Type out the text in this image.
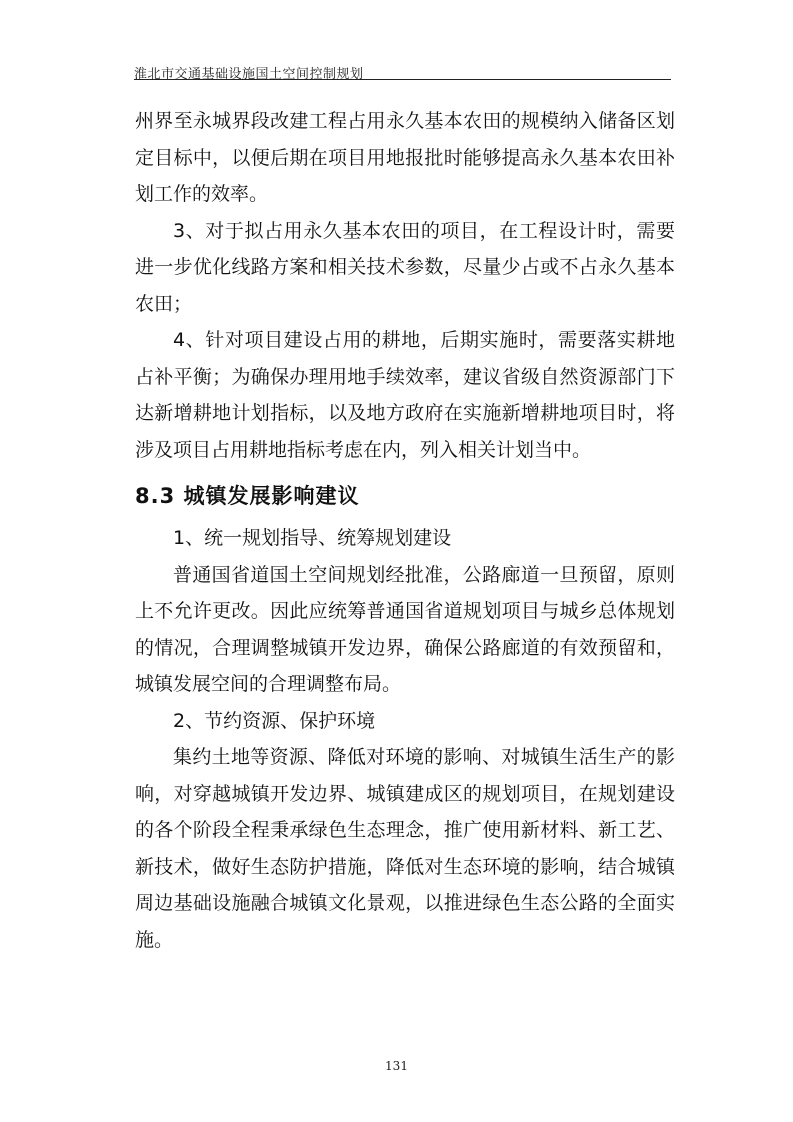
淮北市交通基础设施国土空间控制规划

州界至永城界段改建工程占用永久基本农田的规模纳入储备区划定目标中，以便后期在项目用地报批时能够提高永久基本农田补划工作的效率。

3、对于拟占用永久基本农田的项目，在工程设计时，需要进一步优化线路方案和相关技术参数，尽量少占或不占永久基本农田；

4、针对项目建设占用的耕地，后期实施时，需要落实耕地占补平衡；为确保办理用地手续效率，建议省级自然资源部门下达新增耕地计划指标，以及地方政府在实施新增耕地项目时，将涉及项目占用耕地指标考虑在内，列入相关计划当中。

8.3 城镇发展影响建议

1、统一规划指导、统筹规划建设

普通国省道国土空间规划经批准，公路廊道一旦预留，原则上不允许更改。因此应统筹普通国省道规划项目与城乡总体规划的情况，合理调整城镇开发边界，确保公路廊道的有效预留和，城镇发展空间的合理调整布局。

2、节约资源、保护环境

集约土地等资源、降低对环境的影响、对城镇生活生产的影响，对穿越城镇开发边界、城镇建成区的规划项目，在规划建设的各个阶段全程秉承绿色生态理念，推广使用新材料、新工艺、新技术，做好生态防护措施，降低对生态环境的影响，结合城镇周边基础设施融合城镇文化景观，以推进绿色生态公路的全面实施。

131
